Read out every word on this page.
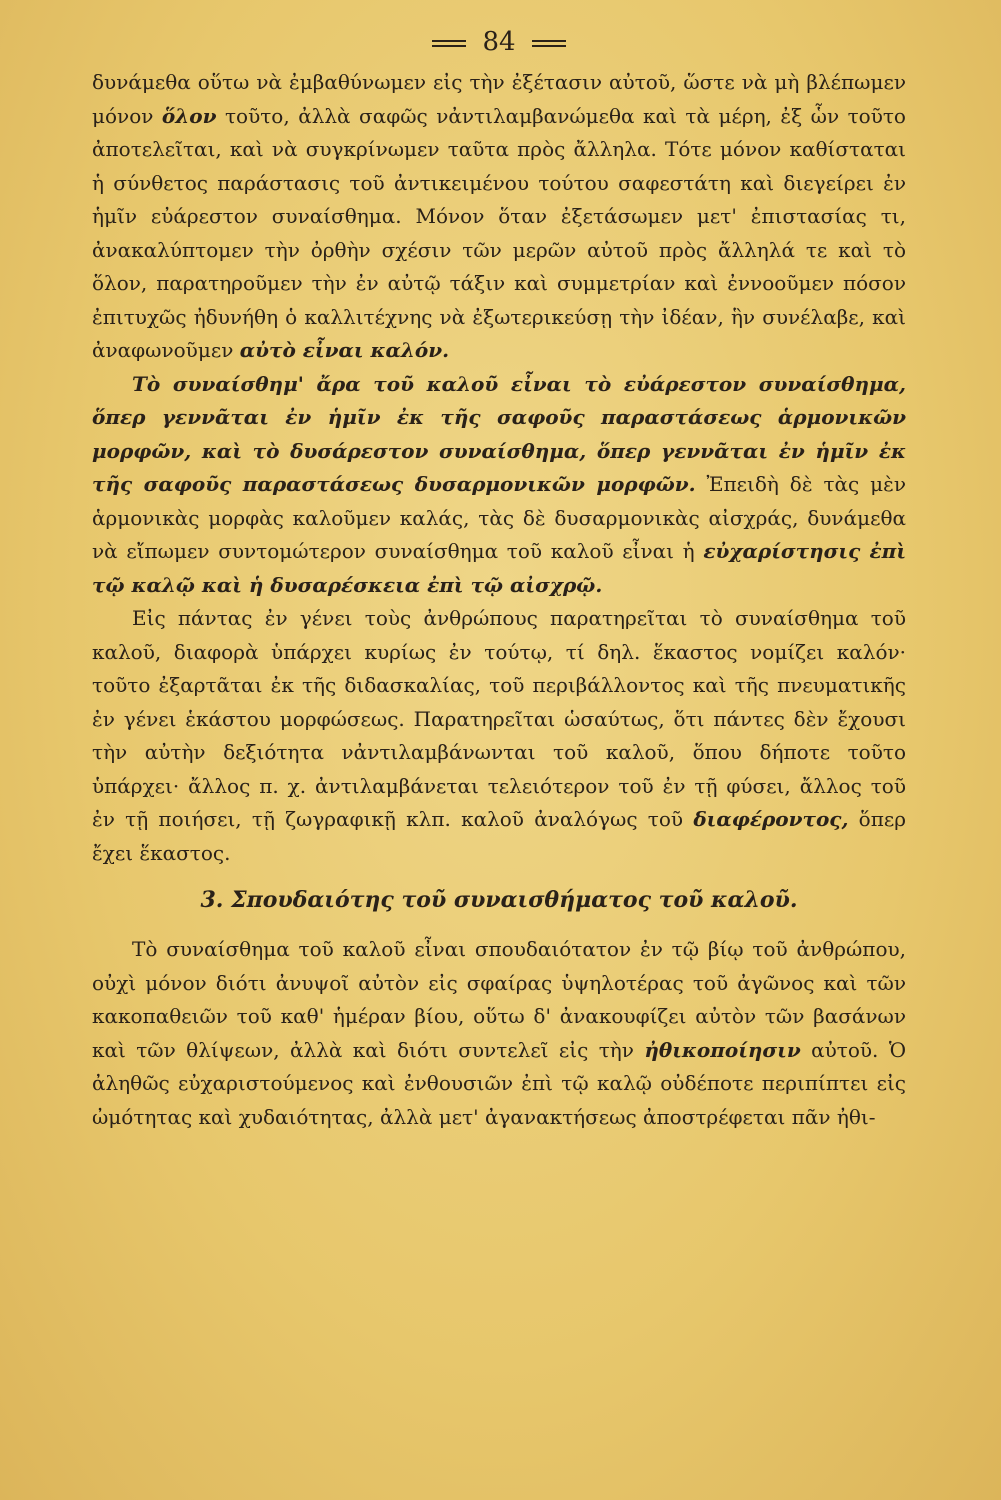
84

δυνάμεθα οὕτω νὰ ἐμβαθύνωμεν εἰς τὴν ἐξέτασιν αὐτοῦ, ὥστε νὰ μὴ βλέπωμεν μόνον ὅλον τοῦτο, ἀλλὰ σαφῶς νἀντιλαμβανώμεθα καὶ τὰ μέρη, ἐξ ὧν τοῦτο ἀποτελεῖται, καὶ νὰ συγκρίνωμεν ταῦτα πρὸς ἄλληλα. Τότε μόνον καθίσταται ἡ σύνθετος παράστασις τοῦ ἀντικειμένου τούτου σαφεστάτη καὶ διεγείρει ἐν ἡμῖν εὐάρεστον συναίσθημα. Μόνον ὅταν ἐξετάσωμεν μετ' ἐπιστασίας τι, ἀνακαλύπτομεν τὴν ὀρθὴν σχέσιν τῶν μερῶν αὐτοῦ πρὸς ἄλληλά τε καὶ τὸ ὅλον, παρατηροῦμεν τὴν ἐν αὐτῷ τάξιν καὶ συμμετρίαν καὶ ἐννοοῦμεν πόσον ἐπιτυχῶς ἠδυνήθη ὁ καλλιτέχνης νὰ ἐξωτερικεύσῃ τὴν ἰδέαν, ἣν συνέλαβε, καὶ ἀναφωνοῦμεν αὐτὸ εἶναι καλόν.

Τὸ συναίσθημ' ἄρα τοῦ καλοῦ εἶναι τὸ εὐάρεστον συναίσθημα, ὅπερ γεννᾶται ἐν ἡμῖν ἐκ τῆς σαφοῦς παραστάσεως ἁρμονικῶν μορφῶν, καὶ τὸ δυσάρεστον συναίσθημα, ὅπερ γεννᾶται ἐν ἡμῖν ἐκ τῆς σαφοῦς παραστάσεως δυσαρμονικῶν μορφῶν. Ἐπειδὴ δὲ τὰς μὲν ἁρμονικὰς μορφὰς καλοῦμεν καλάς, τὰς δὲ δυσαρμονικὰς αἰσχράς, δυνάμεθα νὰ εἴπωμεν συντομώτερον συναίσθημα τοῦ καλοῦ εἶναι ἡ εὐχαρίστησις ἐπὶ τῷ καλῷ καὶ ἡ δυσαρέσκεια ἐπὶ τῷ αἰσχρῷ.

Εἰς πάντας ἐν γένει τοὺς ἀνθρώπους παρατηρεῖται τὸ συναίσθημα τοῦ καλοῦ, διαφορὰ ὑπάρχει κυρίως ἐν τούτῳ, τί δηλ. ἕκαστος νομίζει καλόν· τοῦτο ἐξαρτᾶται ἐκ τῆς διδασκαλίας, τοῦ περιβάλλοντος καὶ τῆς πνευματικῆς ἐν γένει ἑκάστου μορφώσεως. Παρατηρεῖται ὡσαύτως, ὅτι πάντες δὲν ἔχουσι τὴν αὐτὴν δεξιότητα νἀντιλαμβάνωνται τοῦ καλοῦ, ὅπου δήποτε τοῦτο ὑπάρχει· ἄλλος π. χ. ἀντιλαμβάνεται τελειότερον τοῦ ἐν τῇ φύσει, ἄλλος τοῦ ἐν τῇ ποιήσει, τῇ ζωγραφικῇ κλπ. καλοῦ ἀναλόγως τοῦ διαφέροντος, ὅπερ ἔχει ἕκαστος.

3. Σπουδαιότης τοῦ συναισθήματος τοῦ καλοῦ.

Τὸ συναίσθημα τοῦ καλοῦ εἶναι σπουδαιότατον ἐν τῷ βίῳ τοῦ ἀνθρώπου, οὐχὶ μόνον διότι ἀνυψοῖ αὐτὸν εἰς σφαίρας ὑψηλοτέρας τοῦ ἀγῶνος καὶ τῶν κακοπαθειῶν τοῦ καθ' ἡμέραν βίου, οὕτω δ' ἀνακουφίζει αὐτὸν τῶν βασάνων καὶ τῶν θλίψεων, ἀλλὰ καὶ διότι συντελεῖ εἰς τὴν ἠθικοποίησιν αὐτοῦ. Ὁ ἀληθῶς εὐχαριστούμενος καὶ ἐνθουσιῶν ἐπὶ τῷ καλῷ οὐδέποτε περιπίπτει εἰς ὠμότητας καὶ χυδαιότητας, ἀλλὰ μετ' ἀγανακτήσεως ἀποστρέφεται πᾶν ἠθι-
